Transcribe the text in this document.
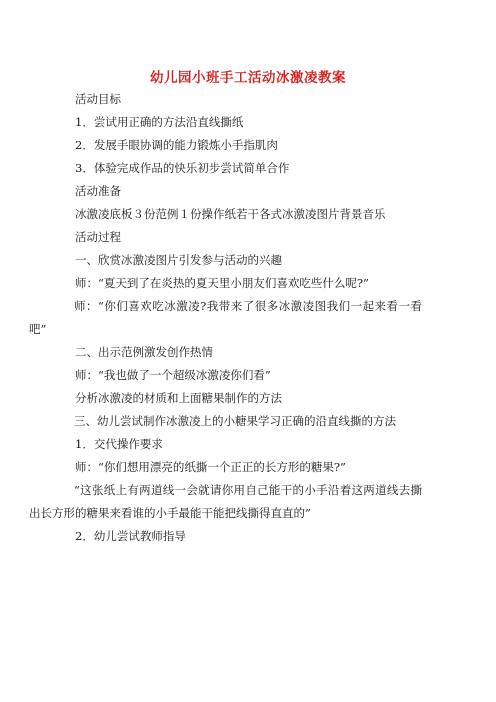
幼儿园小班手工活动冰激凌教案

活动目标

1．尝试用正确的方法沿直线撕纸

2．发展手眼协调的能力锻炼小手指肌肉

3．体验完成作品的快乐初步尝试简单合作

活动准备

冰激凌底板３份范例１份操作纸若干各式冰激凌图片背景音乐

活动过程

一、欣赏冰激凌图片引发参与活动的兴趣

师：“夏天到了在炎热的夏天里小朋友们喜欢吃些什么呢?”

师：“你们喜欢吃冰激凌?我带来了很多冰激凌图我们一起来看一看吧”

二、出示范例激发创作热情

师：“我也做了一个超级冰激凌你们看”

分析冰激凌的材质和上面糖果制作的方法

三、幼儿尝试制作冰激凌上的小糖果学习正确的沿直线撕的方法

1．交代操作要求

师：“你们想用漂亮的纸撕一个正正的长方形的糖果?”

“这张纸上有两道线一会就请你用自己能干的小手沿着这两道线去撕出长方形的糖果来看谁的小手最能干能把线撕得直直的”

2．幼儿尝试教师指导
